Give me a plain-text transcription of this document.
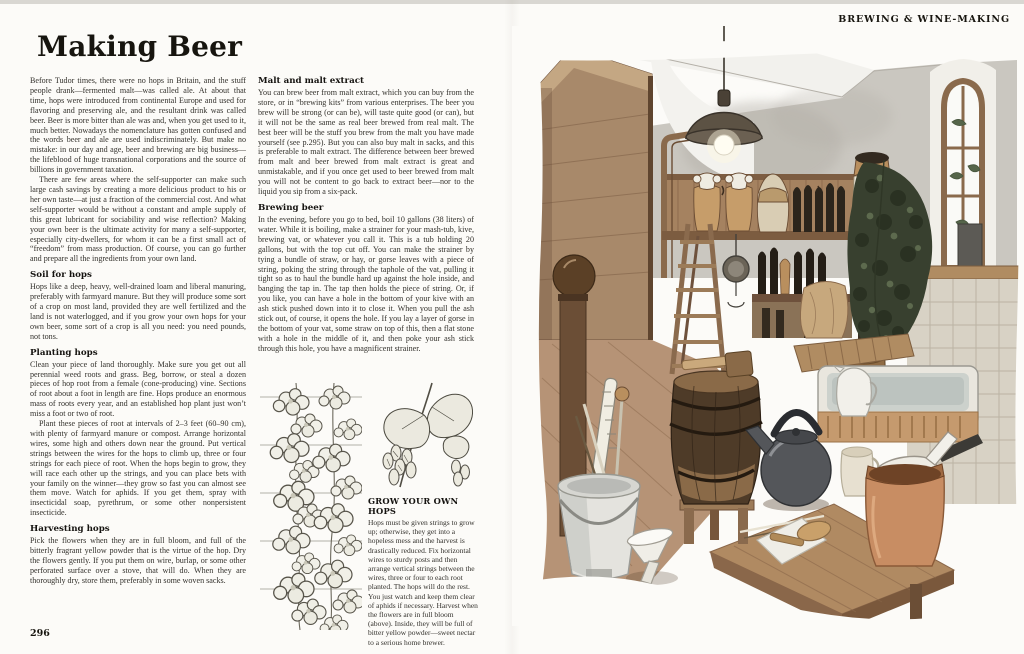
Making Beer

Before Tudor times, there were no hops in Britain, and the stuff people drank—fermented malt—was called ale. At about that time, hops were introduced from continental Europe and used for flavoring and preserving ale, and the resultant drink was called beer. Beer is more bitter than ale was and, when you get used to it, much better. Nowadays the nomenclature has gotten confused and the words beer and ale are used indiscriminately. But make no mistake: in our day and age, beer and brewing are big business—the lifeblood of huge transnational corporations and the source of billions in government taxation.

There are few areas where the self-supporter can make such large cash savings by creating a more delicious product to his or her own taste—at just a fraction of the commercial cost. And what self-supporter would be without a constant and ample supply of this great lubricant for sociability and wise reflection? Making your own beer is the ultimate activity for many a self-supporter, especially city-dwellers, for whom it can be a first small act of “freedom” from mass production. Of course, you can go further and prepare all the ingredients from your own land.

Soil for hops

Hops like a deep, heavy, well-drained loam and liberal manuring, preferably with farmyard manure. But they will produce some sort of a crop on most land, provided they are well fertilized and the land is not waterlogged, and if you grow your own hops for your own beer, some sort of a crop is all you need: you need pounds, not tons.

Planting hops

Clean your piece of land thoroughly. Make sure you get out all perennial weed roots and grass. Beg, borrow, or steal a dozen pieces of hop root from a female (cone-producing) vine. Sections of root about a foot in length are fine. Hops produce an enormous mass of roots every year, and an established hop plant just won’t miss a foot or two of root.

Plant these pieces of root at intervals of 2–3 feet (60–90 cm), with plenty of farmyard manure or compost. Arrange horizontal wires, some high and others down near the ground. Put vertical strings between the wires for the hops to climb up, three or four strings for each piece of root. When the hops begin to grow, they will race each other up the strings, and you can place bets with your family on the winner—they grow so fast you can almost see them move. Watch for aphids. If you get them, spray with insecticidal soap, pyrethrum, or some other nonpersistent insecticide.

Harvesting hops

Pick the flowers when they are in full bloom, and full of the bitterly fragrant yellow powder that is the virtue of the hop. Dry the flowers gently. If you put them on wire, burlap, or some other perforated surface over a stove, that will do. When they are thoroughly dry, store them, preferably in some woven sacks.

Malt and malt extract

You can brew beer from malt extract, which you can buy from the store, or in “brewing kits” from various enterprises. The beer you brew will be strong (or can be), will taste quite good (or can), but it will not be the same as real beer brewed from real malt. The best beer will be the stuff you brew from the malt you have made yourself (see p.295). But you can also buy malt in sacks, and this is preferable to malt extract. The difference between beer brewed from malt and beer brewed from malt extract is great and unmistakable, and if you once get used to beer brewed from malt you will not be content to go back to extract beer—nor to the liquid you sip from a six-pack.

Brewing beer

In the evening, before you go to bed, boil 10 gallons (38 liters) of water. While it is boiling, make a strainer for your mash-tub, kive, brewing vat, or whatever you call it. This is a tub holding 20 gallons, but with the top cut off. You can make the strainer by tying a bundle of straw, or hay, or gorse leaves with a piece of string, poking the string through the taphole of the vat, pulling it tight so as to haul the bundle hard up against the hole inside, and banging the tap in. The tap then holds the piece of string. Or, if you like, you can have a hole in the bottom of your kive with an ash stick pushed down into it to close it. When you pull the ash stick out, of course, it opens the hole. If you lay a layer of gorse in the bottom of your vat, some straw on top of this, then a flat stone with a hole in the middle of it, and then poke your ash stick through this hole, you have a magnificent strainer.

GROW YOUR OWN HOPS

Hops must be given strings to grow up; otherwise, they get into a hopeless mess and the harvest is drastically reduced. Fix horizontal wires to sturdy posts and then arrange vertical strings between the wires, three or four to each root planted. The hops will do the rest. You just watch and keep them clear of aphids if necessary. Harvest when the flowers are in full bloom (above). Inside, they will be full of bitter yellow powder—sweet nectar to a serious home brewer.

296
BREWING & WINE-MAKING
